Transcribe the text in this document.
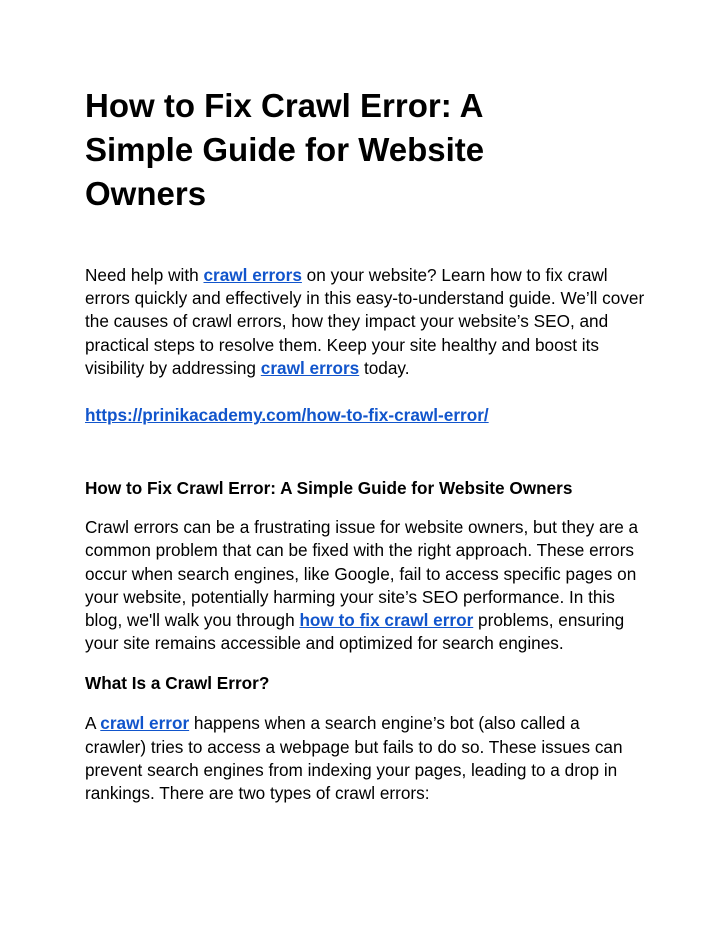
How to Fix Crawl Error: A Simple Guide for Website Owners

Need help with crawl errors on your website? Learn how to fix crawl errors quickly and effectively in this easy-to-understand guide. We’ll cover the causes of crawl errors, how they impact your website’s SEO, and practical steps to resolve them. Keep your site healthy and boost its visibility by addressing crawl errors today.

https://prinikacademy.com/how-to-fix-crawl-error/

How to Fix Crawl Error: A Simple Guide for Website Owners

Crawl errors can be a frustrating issue for website owners, but they are a common problem that can be fixed with the right approach. These errors occur when search engines, like Google, fail to access specific pages on your website, potentially harming your site’s SEO performance. In this blog, we'll walk you through how to fix crawl error problems, ensuring your site remains accessible and optimized for search engines.

What Is a Crawl Error?

A crawl error happens when a search engine’s bot (also called a crawler) tries to access a webpage but fails to do so. These issues can prevent search engines from indexing your pages, leading to a drop in rankings. There are two types of crawl errors:
